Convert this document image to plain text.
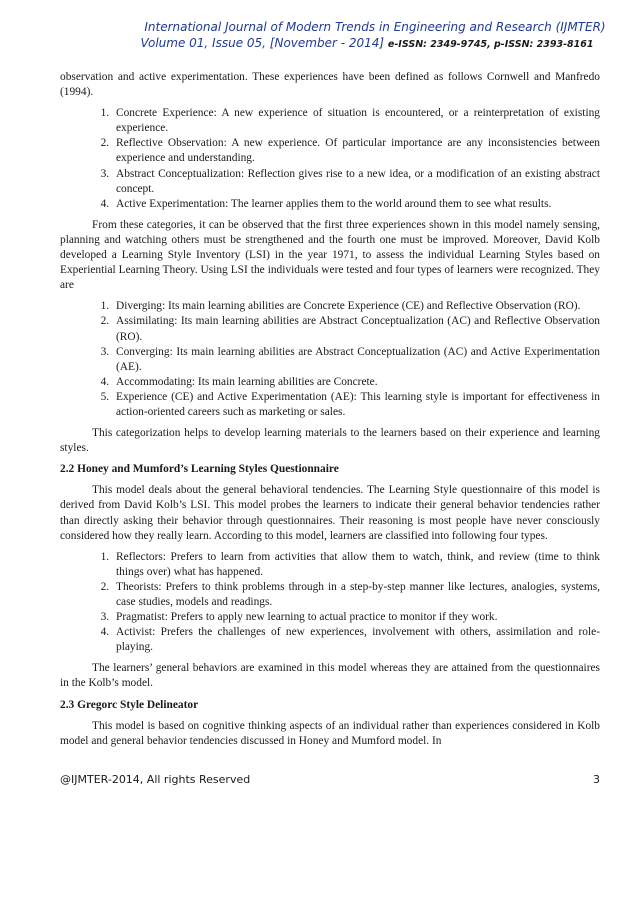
International Journal of Modern Trends in Engineering and Research (IJMTER)
Volume 01, Issue 05, [November - 2014] e-ISSN: 2349-9745, p-ISSN: 2393-8161

observation and active experimentation. These experiences have been defined as follows Cornwell and Manfredo (1994).

1. Concrete Experience: A new experience of situation is encountered, or a reinterpretation of existing experience.
2. Reflective Observation: A new experience. Of particular importance are any inconsistencies between experience and understanding.
3. Abstract Conceptualization: Reflection gives rise to a new idea, or a modification of an existing abstract concept.
4. Active Experimentation: The learner applies them to the world around them to see what results.

From these categories, it can be observed that the first three experiences shown in this model namely sensing, planning and watching others must be strengthened and the fourth one must be improved. Moreover, David Kolb developed a Learning Style Inventory (LSI) in the year 1971, to assess the individual Learning Styles based on Experiential Learning Theory. Using LSI the individuals were tested and four types of learners were recognized. They are

1. Diverging: Its main learning abilities are Concrete Experience (CE) and Reflective Observation (RO).
2. Assimilating: Its main learning abilities are Abstract Conceptualization (AC) and Reflective Observation (RO).
3. Converging: Its main learning abilities are Abstract Conceptualization (AC) and Active Experimentation (AE).
4. Accommodating: Its main learning abilities are Concrete.
5. Experience (CE) and Active Experimentation (AE): This learning style is important for effectiveness in action-oriented careers such as marketing or sales.

This categorization helps to develop learning materials to the learners based on their experience and learning styles.

2.2 Honey and Mumford’s Learning Styles Questionnaire

This model deals about the general behavioral tendencies. The Learning Style questionnaire of this model is derived from David Kolb’s LSI. This model probes the learners to indicate their general behavior tendencies rather than directly asking their behavior through questionnaires. Their reasoning is most people have never consciously considered how they really learn. According to this model, learners are classified into following four types.

1. Reflectors: Prefers to learn from activities that allow them to watch, think, and review (time to think things over) what has happened.
2. Theorists: Prefers to think problems through in a step-by-step manner like lectures, analogies, systems, case studies, models and readings.
3. Pragmatist: Prefers to apply new learning to actual practice to monitor if they work.
4. Activist: Prefers the challenges of new experiences, involvement with others, assimilation and role-playing.

The learners’ general behaviors are examined in this model whereas they are attained from the questionnaires in the Kolb’s model.

2.3 Gregorc Style Delineator

This model is based on cognitive thinking aspects of an individual rather than experiences considered in Kolb model and general behavior tendencies discussed in Honey and Mumford model. In

@IJMTER-2014, All rights Reserved	3
